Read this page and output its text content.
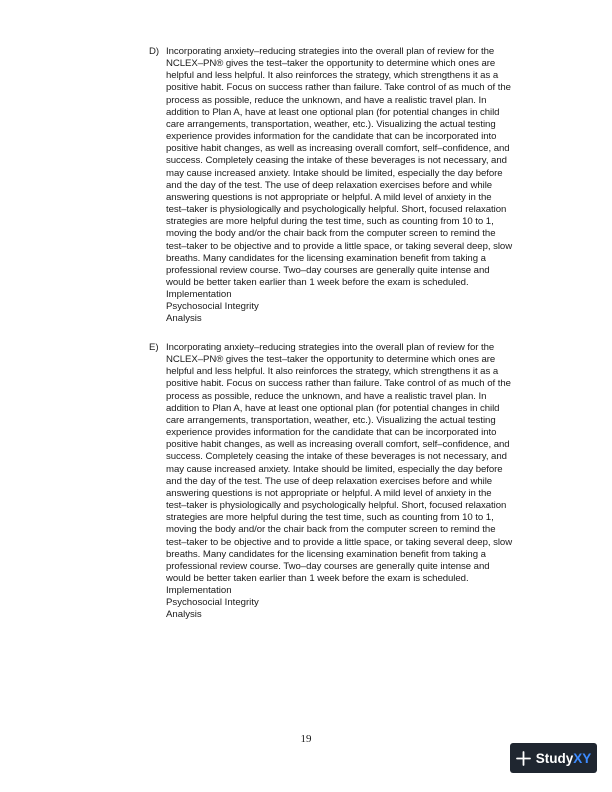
D) Incorporating anxiety‒reducing strategies into the overall plan of review for the
NCLEX‒PN® gives the test‒taker the opportunity to determine which ones are
helpful and less helpful. It also reinforces the strategy, which strengthens it as a
positive habit. Focus on success rather than failure. Take control of as much of the
process as possible, reduce the unknown, and have a realistic travel plan. In
addition to Plan A, have at least one optional plan (for potential changes in child
care arrangements, transportation, weather, etc.). Visualizing the actual testing
experience provides information for the candidate that can be incorporated into
positive habit changes, as well as increasing overall comfort, self‒confidence, and
success. Completely ceasing the intake of these beverages is not necessary, and
may cause increased anxiety. Intake should be limited, especially the day before
and the day of the test. The use of deep relaxation exercises before and while
answering questions is not appropriate or helpful. A mild level of anxiety in the
test‒taker is physiologically and psychologically helpful. Short, focused relaxation
strategies are more helpful during the test time, such as counting from 10 to 1,
moving the body and/or the chair back from the computer screen to remind the
test‒taker to be objective and to provide a little space, or taking several deep, slow
breaths. Many candidates for the licensing examination benefit from taking a
professional review course. Two‒day courses are generally quite intense and
would be better taken earlier than 1 week before the exam is scheduled.
Implementation
Psychosocial Integrity
Analysis
E) Incorporating anxiety‒reducing strategies into the overall plan of review for the
NCLEX‒PN® gives the test‒taker the opportunity to determine which ones are
helpful and less helpful. It also reinforces the strategy, which strengthens it as a
positive habit. Focus on success rather than failure. Take control of as much of the
process as possible, reduce the unknown, and have a realistic travel plan. In
addition to Plan A, have at least one optional plan (for potential changes in child
care arrangements, transportation, weather, etc.). Visualizing the actual testing
experience provides information for the candidate that can be incorporated into
positive habit changes, as well as increasing overall comfort, self‒confidence, and
success. Completely ceasing the intake of these beverages is not necessary, and
may cause increased anxiety. Intake should be limited, especially the day before
and the day of the test. The use of deep relaxation exercises before and while
answering questions is not appropriate or helpful. A mild level of anxiety in the
test‒taker is physiologically and psychologically helpful. Short, focused relaxation
strategies are more helpful during the test time, such as counting from 10 to 1,
moving the body and/or the chair back from the computer screen to remind the
test‒taker to be objective and to provide a little space, or taking several deep, slow
breaths. Many candidates for the licensing examination benefit from taking a
professional review course. Two‒day courses are generally quite intense and
would be better taken earlier than 1 week before the exam is scheduled.
Implementation
Psychosocial Integrity
Analysis
19
StudyXY
